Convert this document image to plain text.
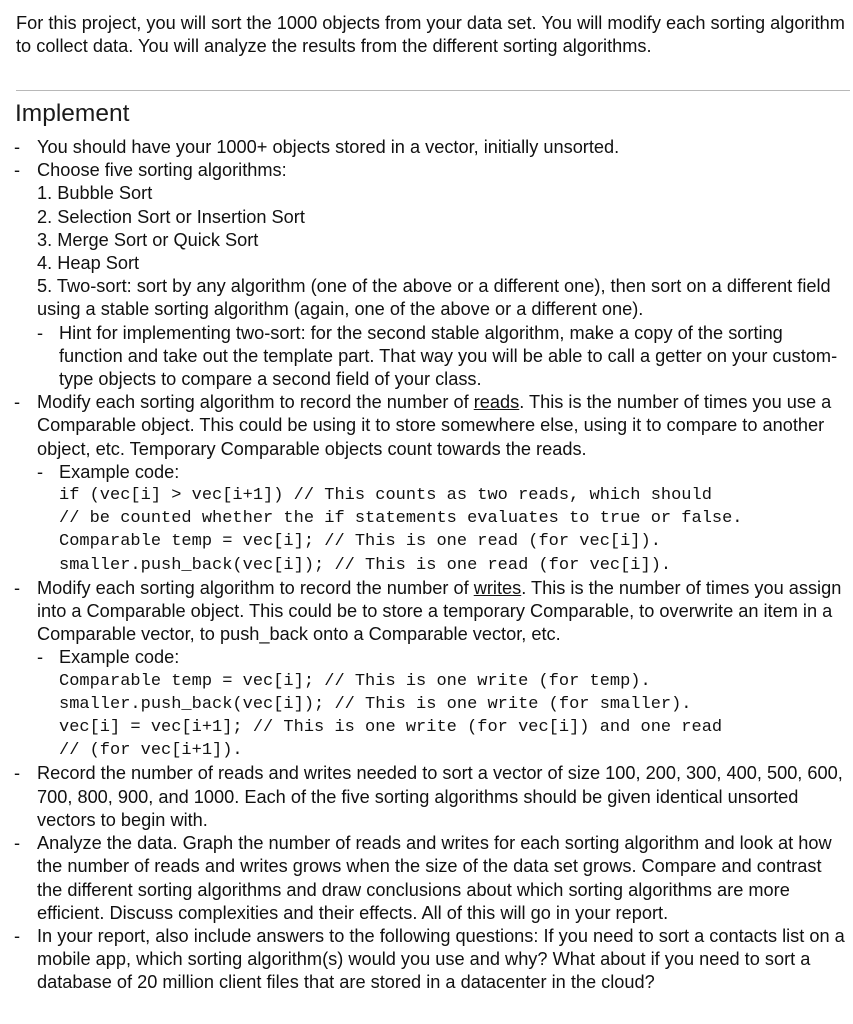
For this project, you will sort the 1000 objects from your data set. You will modify each sorting algorithm to collect data. You will analyze the results from the different sorting algorithms.
Implement
- You should have your 1000+ objects stored in a vector, initially unsorted.
- Choose five sorting algorithms:
1. Bubble Sort
2. Selection Sort or Insertion Sort
3. Merge Sort or Quick Sort
4. Heap Sort
5. Two-sort: sort by any algorithm (one of the above or a different one), then sort on a different field using a stable sorting algorithm (again, one of the above or a different one).
- Hint for implementing two-sort: for the second stable algorithm, make a copy of the sorting function and take out the template part. That way you will be able to call a getter on your custom-type objects to compare a second field of your class.
- Modify each sorting algorithm to record the number of reads. This is the number of times you use a Comparable object. This could be using it to store somewhere else, using it to compare to another object, etc. Temporary Comparable objects count towards the reads.
- Example code:
if (vec[i] > vec[i+1]) // This counts as two reads, which should
// be counted whether the if statements evaluates to true or false.
Comparable temp = vec[i]; // This is one read (for vec[i]).
smaller.push_back(vec[i]); // This is one read (for vec[i]).
- Modify each sorting algorithm to record the number of writes. This is the number of times you assign into a Comparable object. This could be to store a temporary Comparable, to overwrite an item in a Comparable vector, to push_back onto a Comparable vector, etc.
- Example code:
Comparable temp = vec[i]; // This is one write (for temp).
smaller.push_back(vec[i]); // This is one write (for smaller).
vec[i] = vec[i+1]; // This is one write (for vec[i]) and one read
// (for vec[i+1]).
- Record the number of reads and writes needed to sort a vector of size 100, 200, 300, 400, 500, 600, 700, 800, 900, and 1000. Each of the five sorting algorithms should be given identical unsorted vectors to begin with.
- Analyze the data. Graph the number of reads and writes for each sorting algorithm and look at how the number of reads and writes grows when the size of the data set grows. Compare and contrast the different sorting algorithms and draw conclusions about which sorting algorithms are more efficient. Discuss complexities and their effects. All of this will go in your report.
- In your report, also include answers to the following questions: If you need to sort a contacts list on a mobile app, which sorting algorithm(s) would you use and why? What about if you need to sort a database of 20 million client files that are stored in a datacenter in the cloud?
